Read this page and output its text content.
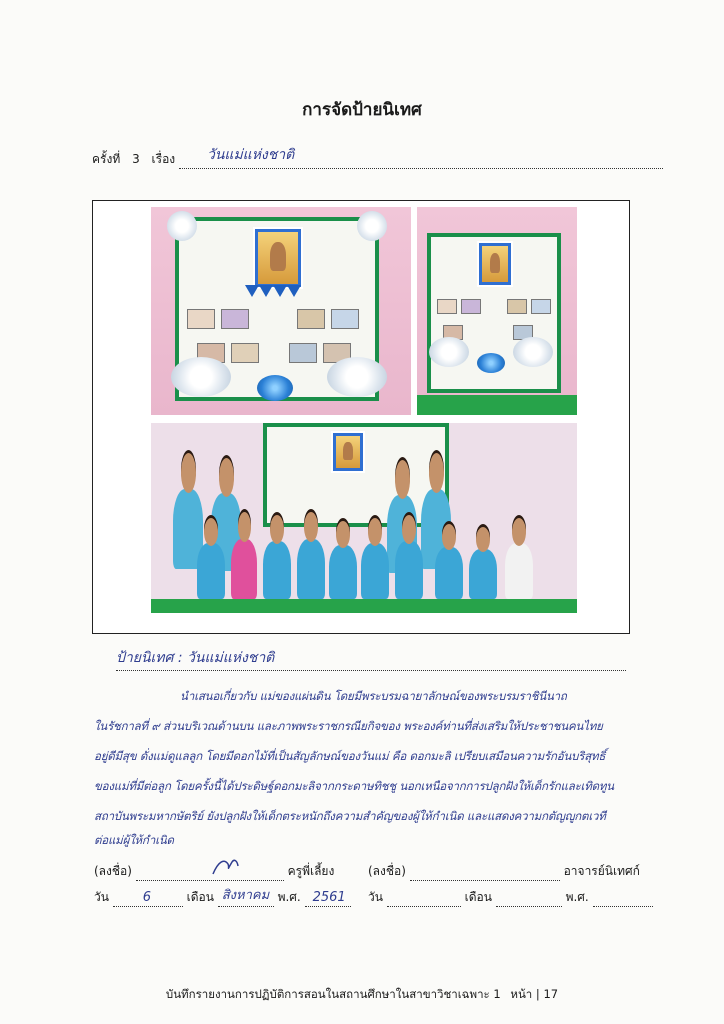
การจัดป้ายนิเทศ
ครั้งที่ 3 เรื่อง วันแม่แห่งชาติ
ป้ายนิเทศ : วันแม่แห่งชาติ
นำเสนอเกี่ยวกับ แม่ของแผ่นดิน โดยมีพระบรมฉายาลักษณ์ของพระบรมราชินีนาถ
ในรัชกาลที่ ๙ ส่วนบริเวณด้านบน และภาพพระราชกรณียกิจของ พระองค์ท่านที่ส่งเสริมให้ประชาชนคนไทย
อยู่ดีมีสุข ดั่งแม่ดูแลลูก โดยมีดอกไม้ที่เป็นสัญลักษณ์ของวันแม่ คือ ดอกมะลิ เปรียบเสมือนความรักอันบริสุทธิ์
ของแม่ที่มีต่อลูก โดยครั้งนี้ได้ประดิษฐ์ดอกมะลิจากกระดาษทิชชู นอกเหนือจากการปลูกฝังให้เด็กรักและเทิดทูน
สถาบันพระมหากษัตริย์ ยังปลูกฝังให้เด็กตระหนักถึงความสำคัญของผู้ให้กำเนิด และแสดงความกตัญญูกตเวที
ต่อแม่ผู้ให้กำเนิด
(ลงชื่อ)	ครูพี่เลี้ยง
วัน	6	เดือน สิงหาคม พ.ศ. 2561
(ลงชื่อ)	อาจารย์นิเทศก์
วัน	เดือน	พ.ศ.
บันทึกรายงานการปฏิบัติการสอนในสถานศึกษาในสาขาวิชาเฉพาะ 1 หน้า | 17
